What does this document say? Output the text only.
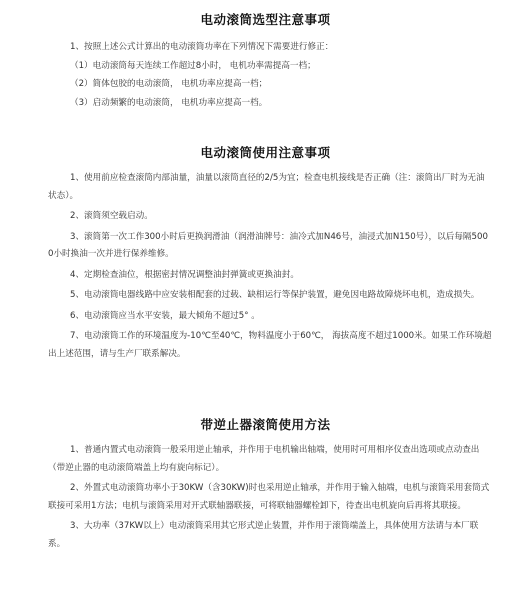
电动滚筒选型注意事项

1、按照上述公式计算出的电动滚筒功率在下列情况下需要进行修正：

（1）电动滚筒每天连续工作超过8小时， 电机功率需提高一档；

（2）简体包胶的电动滚筒， 电机功率应提高一档；

（3）启动频繁的电动滚筒， 电机功率应提高一档。

电动滚筒使用注意事项

1、使用前应检查滚筒内部油量，油量以滚筒直径的2/5为宜；检查电机接线是否正确（注：滚筒出厂时为无油状态）。

2、滚筒须空载启动。

3、滚筒第一次工作300小时后更换润滑油（润滑油牌号：油冷式加N46号，油浸式加N150号），以后每隔5000小时换油一次并进行保养维修。

4、定期检查油位，根据密封情况调整油封弹簧或更换油封。

5、电动滚筒电器线路中应安装相配套的过载、缺相运行等保护装置，避免因电路故障烧坏电机，造成损失。

6、电动滚筒应当水平安装，最大倾角不超过5° 。

7、电动滚筒工作的环境温度为-10℃至40℃，物料温度小于60℃， 海拔高度不超过1000米。如果工作环境超出上述范围，请与生产厂联系解决。

带逆止器滚筒使用方法

1、普通内置式电动滚筒一般采用逆止轴承，并作用于电机输出轴端，使用时可用相序仪查出选项或点动查出（带逆止器的电动滚筒端盖上均有旋向标记）。

2、外置式电动滚筒功率小于30KW（含30KW)时也采用逆止轴承，并作用于输入轴端，电机与滚筒采用套筒式联接可采用1方法；电机与滚筒采用对开式联轴器联接，可将联轴器螺栓卸下，待查出电机旋向后再将其联接。

3、大功率（37KW以上）电动滚筒采用其它形式逆止装置，并作用于滚筒端盖上，具体使用方法请与本厂联系。
